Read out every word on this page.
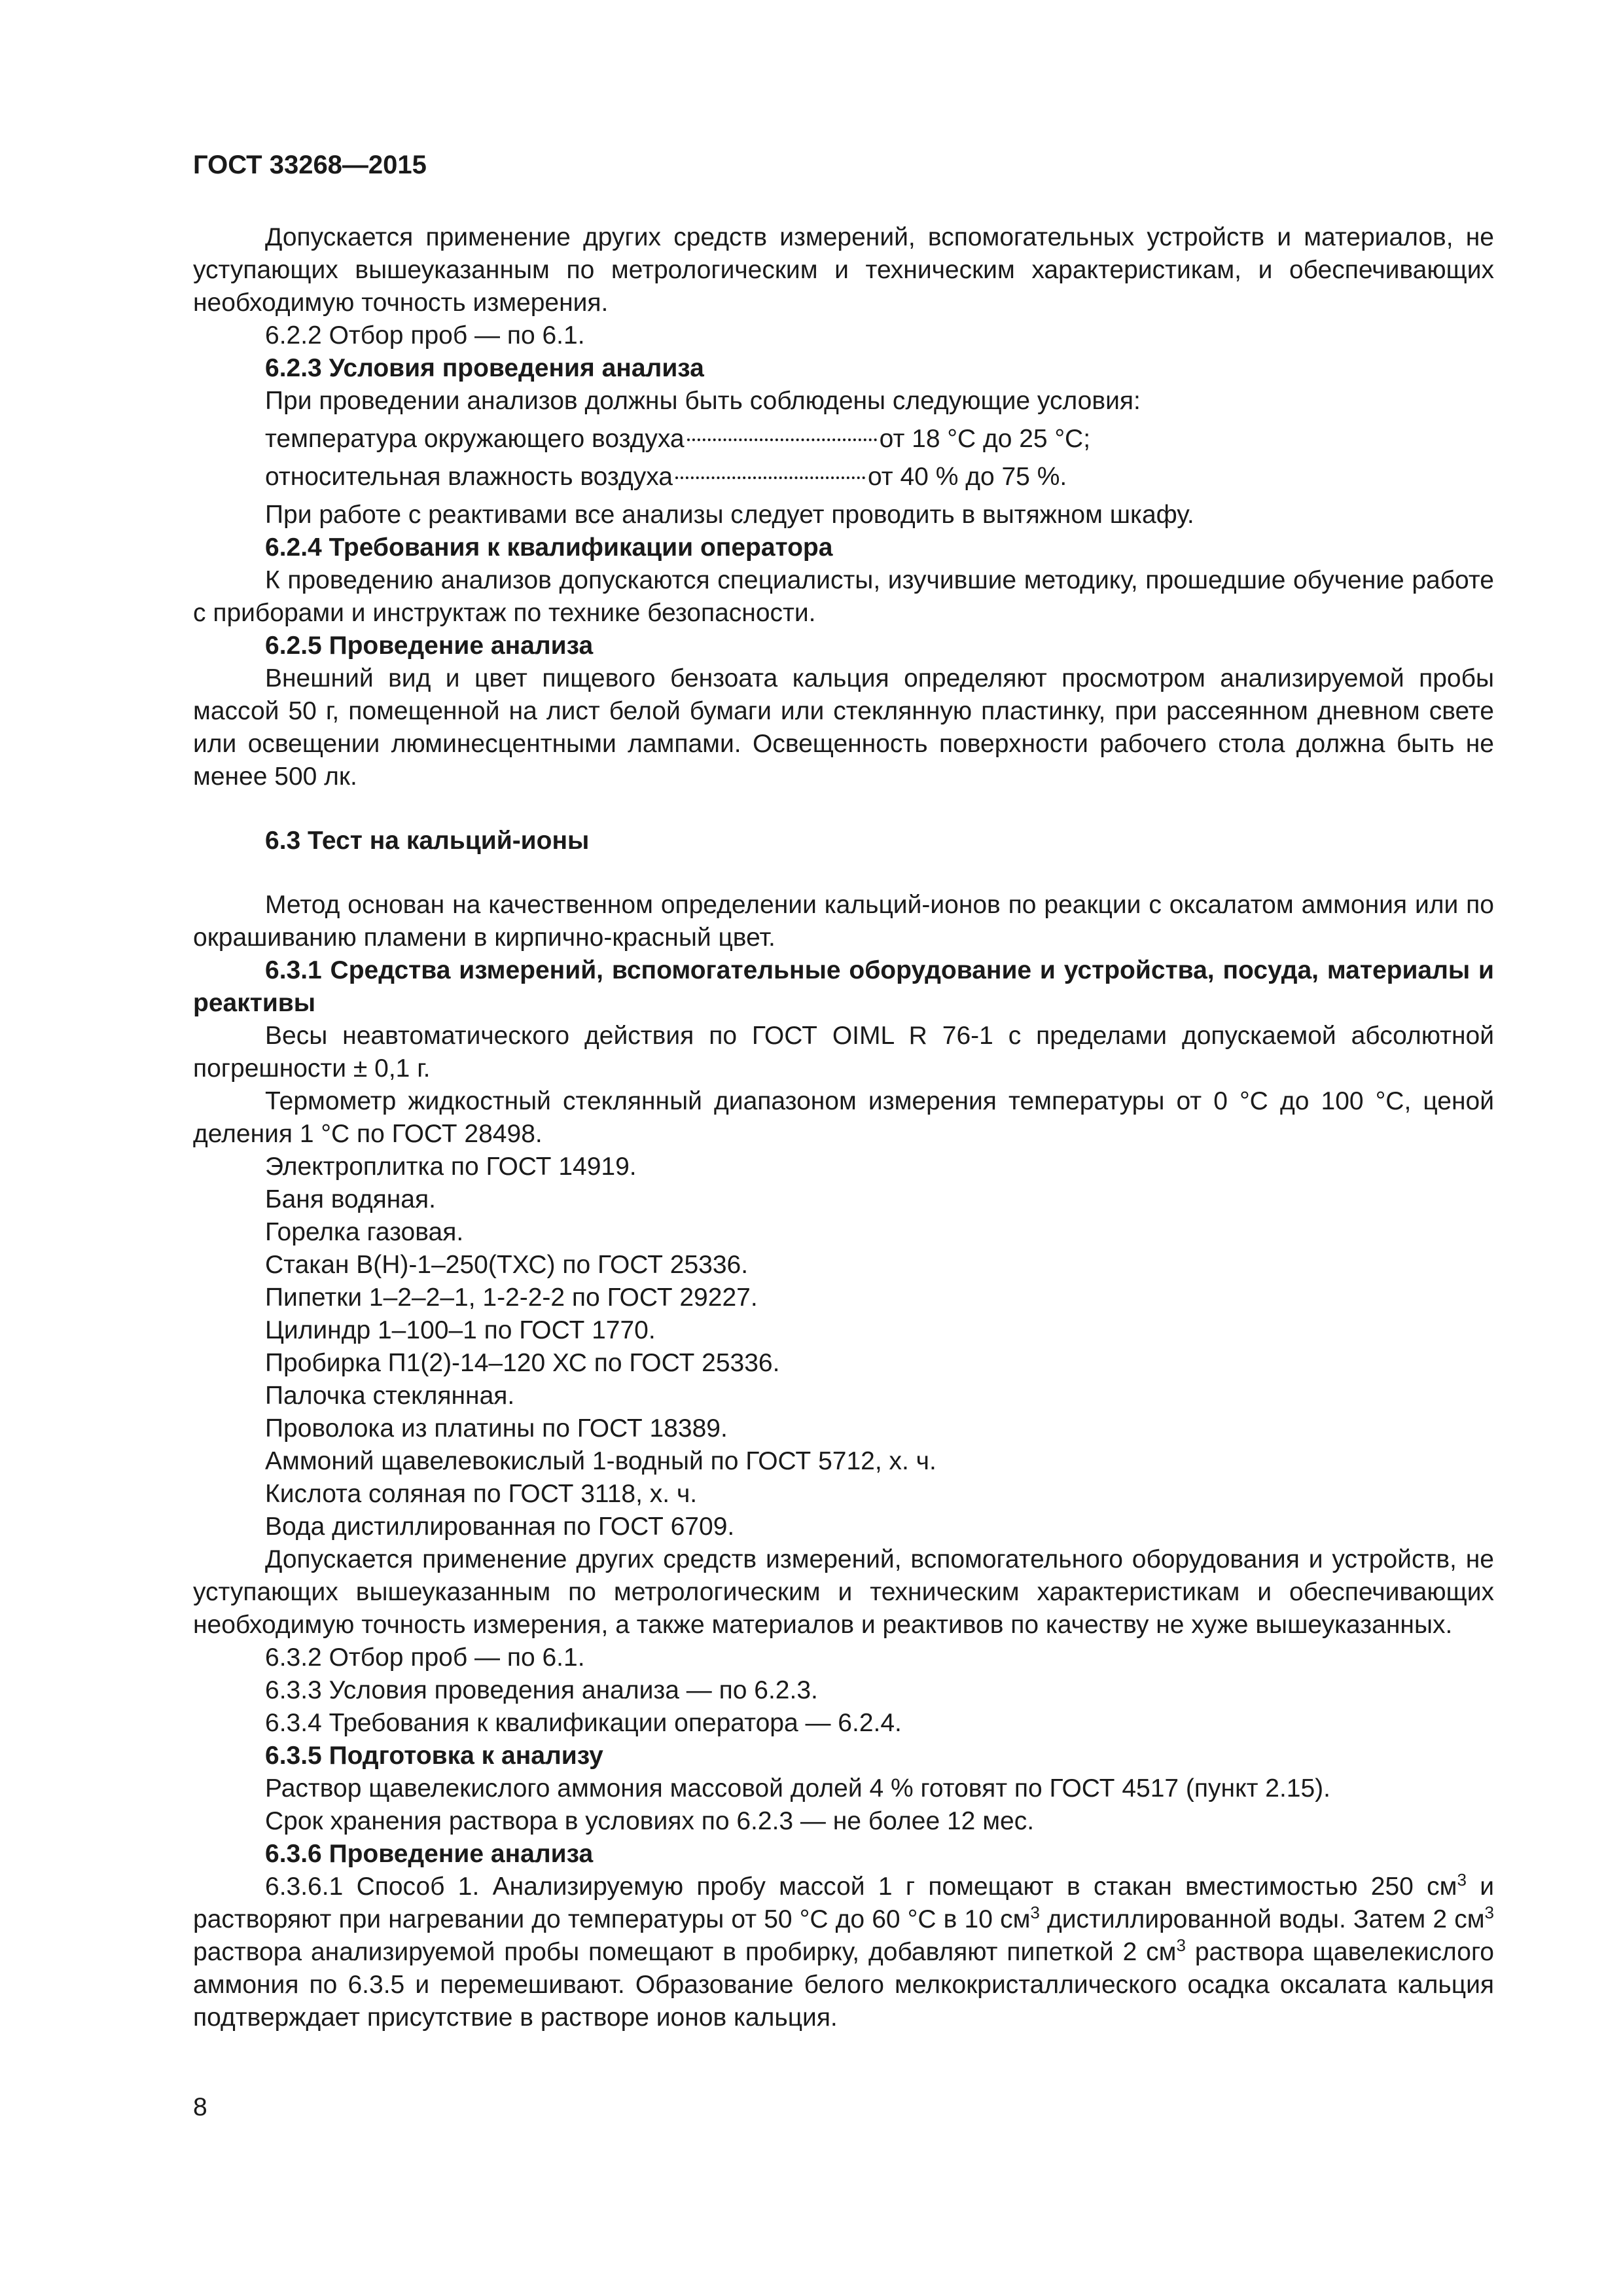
ГОСТ 33268—2015

Допускается применение других средств измерений, вспомогательных устройств и материалов, не уступающих вышеуказанным по метрологическим и техническим характеристикам, и обеспечивающих необходимую точность измерения.

6.2.2 Отбор проб — по 6.1.

6.2.3 Условия проведения анализа

При проведении анализов должны быть соблюдены следующие условия:

температура окружающего воздуха	от 18 °С до 25 °С;
относительная влажность воздуха	от 40 % до 75 %.

При работе с реактивами все анализы следует проводить в вытяжном шкафу.

6.2.4 Требования к квалификации оператора

К проведению анализов допускаются специалисты, изучившие методику, прошедшие обучение работе с приборами и инструктаж по технике безопасности.

6.2.5 Проведение анализа

Внешний вид и цвет пищевого бензоата кальция определяют просмотром анализируемой пробы массой 50 г, помещенной на лист белой бумаги или стеклянную пластинку, при рассеянном дневном свете или освещении люминесцентными лампами. Освещенность поверхности рабочего стола должна быть не менее 500 лк.

6.3 Тест на кальций-ионы

Метод основан на качественном определении кальций-ионов по реакции с оксалатом аммония или по окрашиванию пламени в кирпично-красный цвет.

6.3.1 Средства измерений, вспомогательные оборудование и устройства, посуда, материалы и реактивы

Весы неавтоматического действия по ГОСТ OIML R 76-1 с пределами допускаемой абсолютной погрешности ± 0,1 г.

Термометр жидкостный стеклянный диапазоном измерения температуры от 0 °С до 100 °С, ценой деления 1 °С по ГОСТ 28498.

Электроплитка по ГОСТ 14919.

Баня водяная.

Горелка газовая.

Стакан В(Н)-1–250(ТХС) по ГОСТ 25336.

Пипетки 1–2–2–1, 1-2-2-2 по ГОСТ 29227.

Цилиндр 1–100–1 по ГОСТ 1770.

Пробирка П1(2)-14–120 ХС по ГОСТ 25336.

Палочка стеклянная.

Проволока из платины по ГОСТ 18389.

Аммоний щавелевокислый 1-водный по ГОСТ 5712, х. ч.

Кислота соляная по ГОСТ 3118, х. ч.

Вода дистиллированная по ГОСТ 6709.

Допускается применение других средств измерений, вспомогательного оборудования и устройств, не уступающих вышеуказанным по метрологическим и техническим характеристикам и обеспечивающих необходимую точность измерения, а также материалов и реактивов по качеству не хуже вышеуказанных.

6.3.2 Отбор проб — по 6.1.

6.3.3 Условия проведения анализа — по 6.2.3.

6.3.4 Требования к квалификации оператора — 6.2.4.

6.3.5 Подготовка к анализу

Раствор щавелекислого аммония массовой долей 4 % готовят по ГОСТ 4517 (пункт 2.15).

Срок хранения раствора в условиях по 6.2.3 — не более 12 мес.

6.3.6 Проведение анализа

6.3.6.1 Способ 1. Анализируемую пробу массой 1 г помещают в стакан вместимостью 250 $см^3$ и растворяют при нагревании до температуры от 50 °С до 60 °С в 10 $см^3$ дистиллированной воды. Затем 2 $см^3$ раствора анализируемой пробы помещают в пробирку, добавляют пипеткой 2 $см^3$ раствора щавелекислого аммония по 6.3.5 и перемешивают. Образование белого мелкокристаллического осадка оксалата кальция подтверждает присутствие в растворе ионов кальция.

8
